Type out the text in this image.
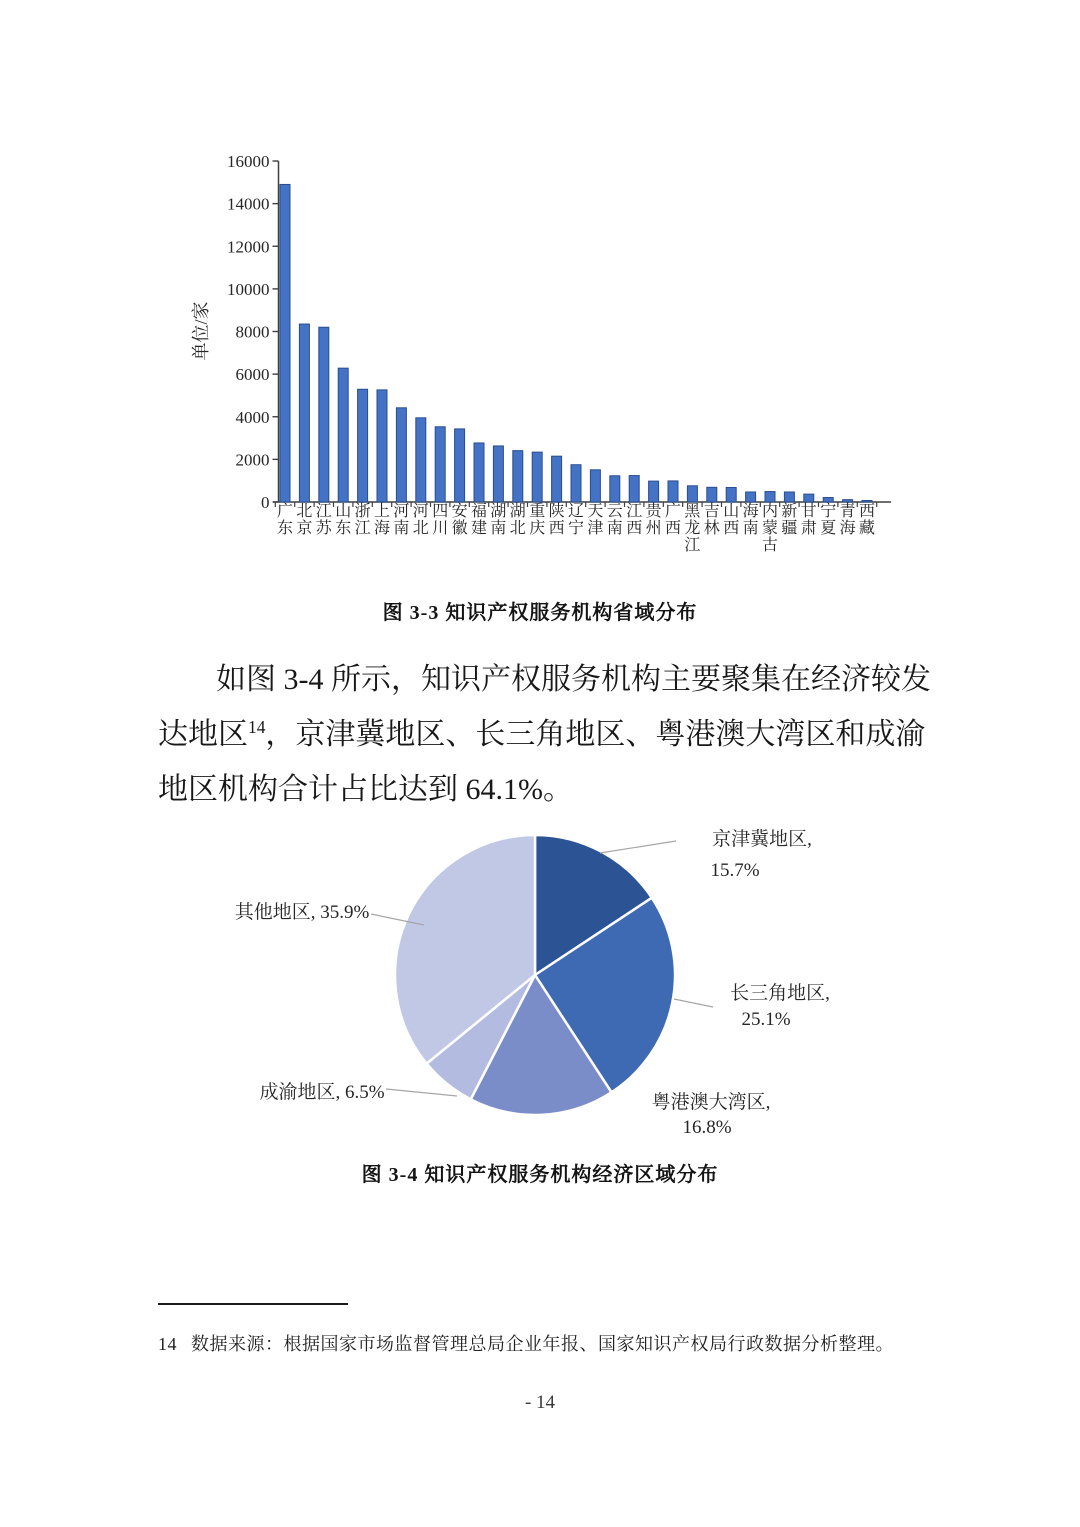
0
2000
4000
6000
8000
10000
12000
14000
16000
广东
北京
江苏
山东
浙江
上海
河南
河北
四川
安徽
福建
湖南
湖北
重庆
陕西
辽宁
天津
云南
江西
贵州
广西
黑龙江
吉林
山西
海南
内蒙古
新疆
甘肃
宁夏
青海
西藏
单位/家
图 3-3 知识产权服务机构省域分布
如图 3-4 所示，知识产权服务机构主要聚集在经济较发
达地区$^{14}$，京津冀地区、长三角地区、粤港澳大湾区和成渝
地区机构合计占比达到 64.1%。
京津冀地区,
15.7%
长三角地区,
25.1%
粤港澳大湾区,
16.8%
成渝地区, 6.5%
其他地区, 35.9%
图 3-4 知识产权服务机构经济区域分布
14 数据来源：根据国家市场监督管理总局企业年报、国家知识产权局行政数据分析整理。
- 14
